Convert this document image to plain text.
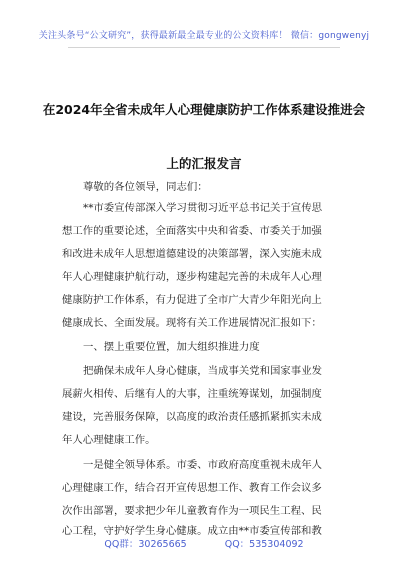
关注头条号“公文研究”，获得最新最全最专业的公文资料库！ 微信：gongwenyj
在2024年全省未成年人心理健康防护工作体系建设推进会
上的汇报发言
尊敬的各位领导，同志们：
**市委宣传部深入学习贯彻习近平总书记关于宣传思
想工作的重要论述，全面落实中央和省委、市委关于加强
和改进未成年人思想道德建设的决策部署，深入实施未成
年人心理健康护航行动，逐步构建起完善的未成年人心理
健康防护工作体系，有力促进了全市广大青少年阳光向上
健康成长、全面发展。现将有关工作进展情况汇报如下：
一、摆上重要位置，加大组织推进力度
把确保未成年人身心健康，当成事关党和国家事业发
展薪火相传、后继有人的大事，注重统筹谋划，加强制度
建设，完善服务保障，以高度的政治责任感抓紧抓实未成
年人心理健康工作。
一是健全领导体系。市委、市政府高度重视未成年人
心理健康工作，结合召开宣传思想工作、教育工作会议多
次作出部署，要求把少年儿童教育作为一项民生工程、民
心工程，守护好学生身心健康。成立由**市委宣传部和教
QQ群：30265665	QQ：535304092
